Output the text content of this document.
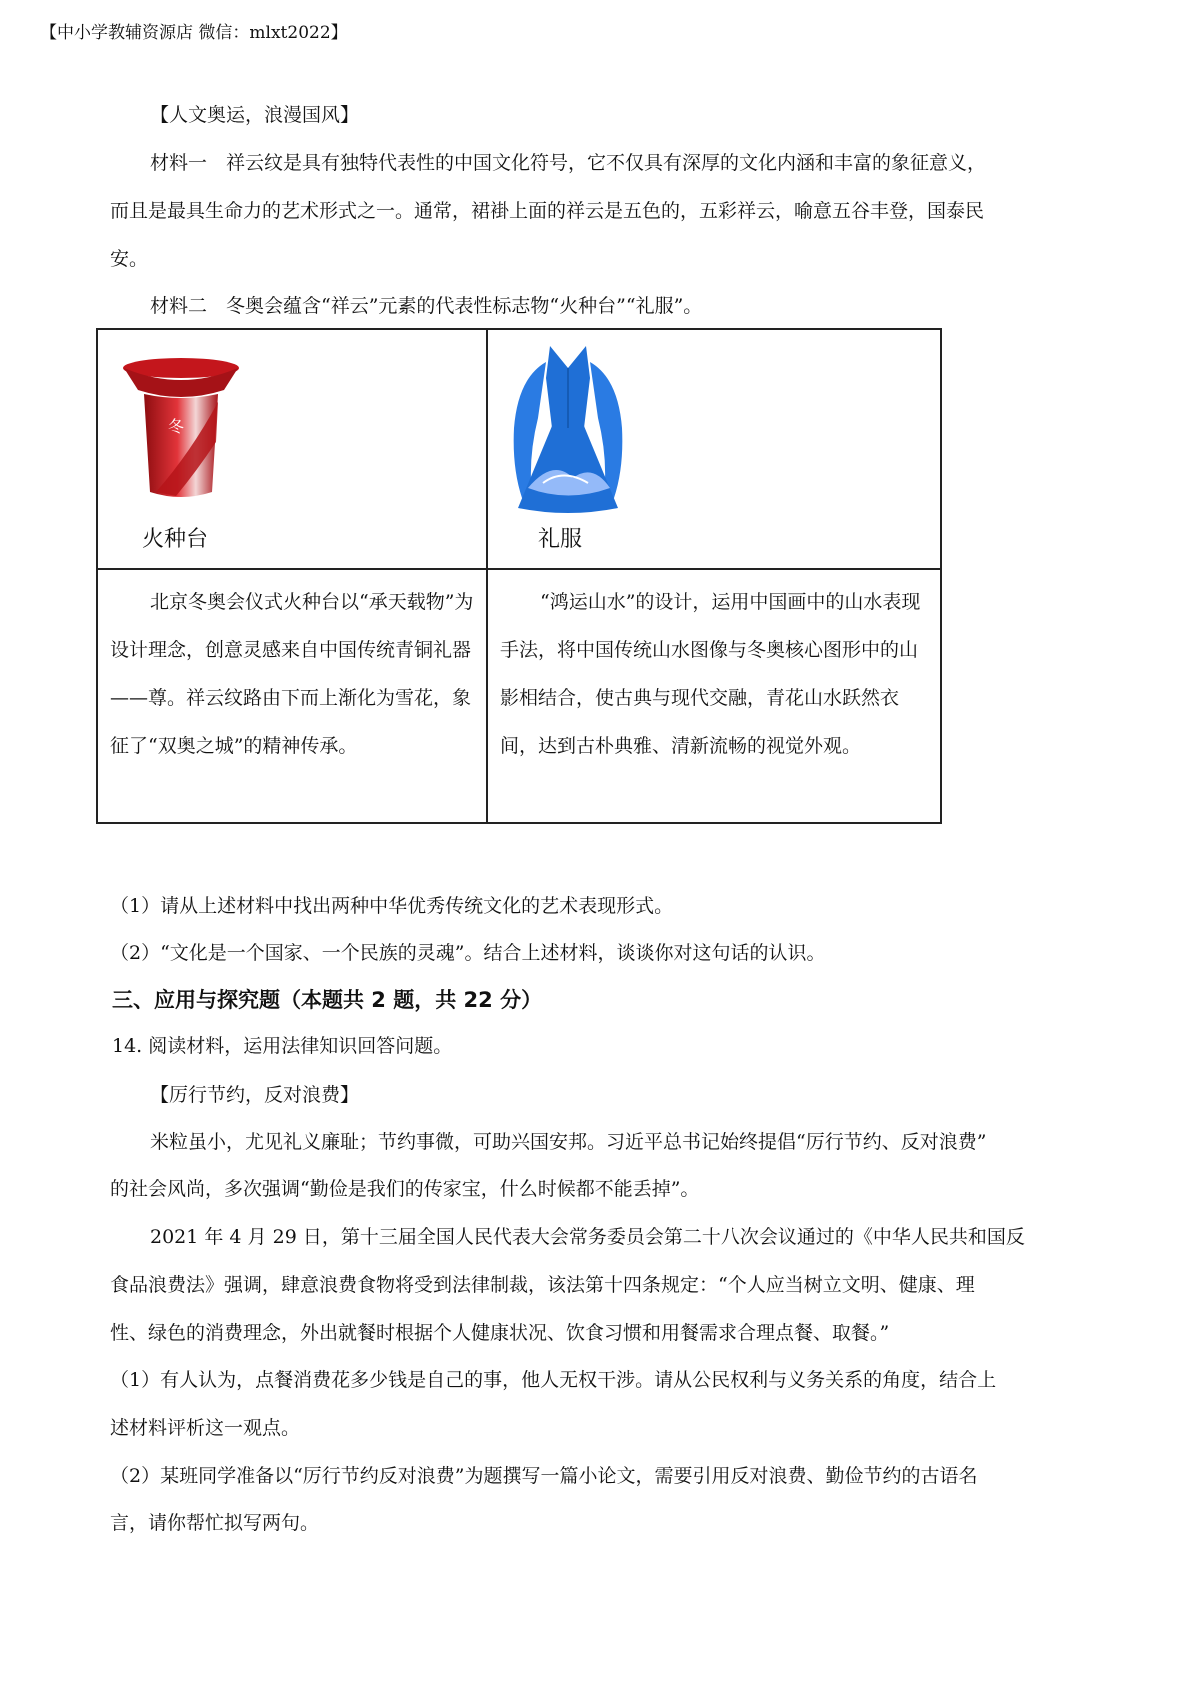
【中小学教辅资源店 微信：mlxt2022】
【人文奥运，浪漫国风】
材料一　祥云纹是具有独特代表性的中国文化符号，它不仅具有深厚的文化内涵和丰富的象征意义，
而且是最具生命力的艺术形式之一。通常，裙褂上面的祥云是五色的，五彩祥云，喻意五谷丰登，国泰民
安。
材料二　冬奥会蕴含“祥云”元素的代表性标志物“火种台”“礼服”。
冬
火种台	礼服

北京冬奥会仪式火种台以“承天载物”为设计理念，创意灵感来自中国传统青铜礼器——尊。祥云纹路由下而上渐化为雪花，象征了“双奥之城”的精神传承。	“鸿运山水”的设计，运用中国画中的山水表现手法，将中国传统山水图像与冬奥核心图形中的山影相结合，使古典与现代交融，青花山水跃然衣间，达到古朴典雅、清新流畅的视觉外观。
（1）请从上述材料中找出两种中华优秀传统文化的艺术表现形式。
（2）“文化是一个国家、一个民族的灵魂”。结合上述材料，谈谈你对这句话的认识。
三、应用与探究题（本题共 2 题，共 22 分）
14. 阅读材料，运用法律知识回答问题。
【厉行节约，反对浪费】
米粒虽小，尤见礼义廉耻；节约事微，可助兴国安邦。习近平总书记始终提倡“厉行节约、反对浪费”
的社会风尚，多次强调“勤俭是我们的传家宝，什么时候都不能丢掉”。
2021 年 4 月 29 日，第十三届全国人民代表大会常务委员会第二十八次会议通过的《中华人民共和国反
食品浪费法》强调，肆意浪费食物将受到法律制裁，该法第十四条规定：“个人应当树立文明、健康、理
性、绿色的消费理念，外出就餐时根据个人健康状况、饮食习惯和用餐需求合理点餐、取餐。”
（1）有人认为，点餐消费花多少钱是自己的事，他人无权干涉。请从公民权利与义务关系的角度，结合上
述材料评析这一观点。
（2）某班同学准备以“厉行节约反对浪费”为题撰写一篇小论文，需要引用反对浪费、勤俭节约的古语名
言，请你帮忙拟写两句。
